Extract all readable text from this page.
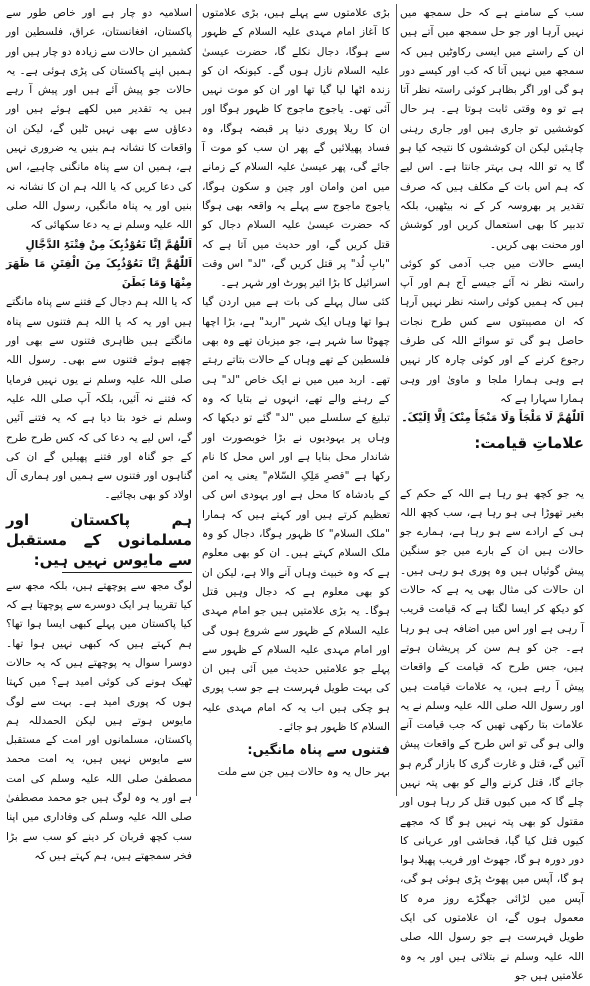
سب کے سامنے ہے کہ حل سمجھ میں نہیں آرہا اور جو حل سمجھ میں آتے ہیں ان کے راستے میں ایسی رکاوٹیں ہیں کہ سمجھ میں نہیں آتا کہ کب اور کیسے دور ہو گی اور اگر بظاہر کوئی راستہ نظر آتا ہے تو وہ وقتی ثابت ہوتا ہے۔ ہر حال کوششیں تو جاری ہیں اور جاری رہنی چاہئیں لیکن ان کوششوں کا نتیجہ کیا ہو گا یہ تو اللہ ہی بہتر جانتا ہے۔ اس لیے کہ ہم اس بات کے مکلف ہیں کہ صرف تقدیر پر بھروسہ کر کے نہ بیٹھیں، بلکہ تدبیر کا بھی استعمال کریں اور کوشش اور محنت بھی کریں۔

ایسے حالات میں جب آدمی کو کوئی راستہ نظر نہ آئے جیسے آج ہم اور آپ ہیں کہ ہمیں کوئی راستہ نظر نہیں آرہا کہ ان مصیبتوں سے کس طرح نجات حاصل ہو گی تو سوائے اللہ کی طرف رجوع کرنے کے اور کوئی چارہ کار نہیں ہے وہی ہمارا ملجا و ماویٰ اور وہی ہمارا سہارا ہے کہ

اَللّٰھُمَّ لَا مَلْجَأَ وَلَا مَنْجَأَ مِنْکَ اِلَّا اِلَیْکَ۔

علاماتِ قیامت:

یہ جو کچھ ہو رہا ہے اللہ کے حکم کے بغیر تھوڑا ہی ہو رہا ہے، سب کچھ اللہ ہی کے ارادے سے ہو رہا ہے، ہمارے جو حالات ہیں ان کے بارے میں جو سنگین پیش گوئیاں ہیں وہ پوری ہو رہی ہیں۔ ان حالات کی مثال بھی یہ ہے کہ حالات کو دیکھ کر ایسا لگتا ہے کہ قیامت قریب آ رہی ہے اور اس میں اضافہ ہی ہو رہا ہے۔ جن کو ہم سن کر پریشان ہوتے ہیں، جس طرح کہ قیامت کے واقعات پیش آ رہے ہیں، یہ علامات قیامت ہیں اور رسول اللہ صلی اللہ علیہ وسلم نے یہ علامات بتا رکھی تھیں کہ جب قیامت آنے والی ہو گی تو اس طرح کے واقعات پیش آئیں گے، قتل و غارت گری کا بازار گرم ہو جائے گا، قتل کرنے والے کو بھی پتہ نہیں چلے گا کہ میں کیوں قتل کر رہا ہوں اور مقتول کو بھی پتہ نہیں ہو گا کہ مجھے کیوں قتل کیا گیا، فحاشی اور عریانی کا دور دورہ ہو گا، جھوٹ اور فریب پھیلا ہوا ہو گا، آپس میں پھوٹ پڑی ہوئی ہو گی، آپس میں لڑائی جھگڑے روز مرہ کا معمول ہوں گے، ان علامتوں کی ایک طویل فہرست ہے جو رسول اللہ صلی اللہ علیہ وسلم نے بتلائی ہیں اور یہ وہ علامتیں ہیں جو

بڑی علامتوں سے پہلے ہیں، بڑی علامتوں کا آغاز امام مہدی علیہ السلام کے ظہور سے ہوگا، دجال نکلے گا، حضرت عیسیٰ علیہ السلام نازل ہوں گے۔ کیونکہ ان کو زندہ اٹھا لیا گیا تھا اور ان کو موت نہیں آئی تھی۔ یاجوج ماجوج کا ظہور ہوگا اور ان کا ریلا پوری دنیا پر قبضہ ہوگا، وہ فساد پھیلائیں گے پھر ان سب کو موت آ جائے گی، پھر عیسیٰ علیہ السلام کے زمانے میں امن وامان اور چین و سکون ہوگا، یاجوج ماجوج سے پہلے یہ واقعہ بھی ہوگا کہ حضرت عیسیٰ علیہ السلام دجال کو قتل کریں گے، اور حدیث میں آتا ہے کہ "بابِ لُد" پر قتل کریں گے، "لد" اس وقت اسرائیل کا بڑا ائیر پورٹ اور شہر ہے۔

کئی سال پہلے کی بات ہے میں اردن گیا ہوا تھا وہاں ایک شہر "اربد" ہے، بڑا اچھا چھوٹا سا شہر ہے، جو میزبان تھے وہ بھی فلسطین کے تھے وہاں کے حالات بتاتے رہتے تھے۔ اربد میں میں نے ایک خاص "لد" ہی کے رہنے والے تھے، انہوں نے بتایا کہ وہ تبلیغ کے سلسلے میں "لد" گئے تو دیکھا کہ وہاں پر یہودیوں نے بڑا خوبصورت اور شاندار محل بنایا ہے اور اس محل کا نام رکھا ہے "قصرِ مَلِکِ السّلام" یعنی یہ امن کے بادشاہ کا محل ہے اور یہودی اس کی تعظیم کرتے ہیں اور کہتے ہیں کہ ہمارا "ملک السلام" کا ظہور ہوگا، دجال کو وہ ملک السلام کہتے ہیں۔ ان کو بھی معلوم ہے کہ وہ خبیث وہاں آنے والا ہے، لیکن ان کو بھی معلوم ہے کہ دجال وہیں قتل ہوگا۔ یہ بڑی علامتیں ہیں جو امام مہدی علیہ السلام کے ظہور سے شروع ہوں گی اور امام مہدی علیہ السلام کے ظہور سے پہلے جو علامتیں حدیث میں آئی ہیں ان کی بہت طویل فہرست ہے جو سب پوری ہو چکی ہیں اب یہ کہ امام مہدی علیہ السلام کا ظہور ہو جائے۔

فتنوں سے پناہ مانگیں:

بہر حال یہ وہ حالات ہیں جن سے ملت

اسلامیہ دو چار ہے اور خاص طور سے پاکستان، افغانستان، عراق، فلسطین اور کشمیر ان حالات سے زیادہ دو چار ہیں اور ہمیں اپنے پاکستان کی پڑی ہوئی ہے۔ یہ حالات جو پیش آئے ہیں اور پیش آ رہے ہیں یہ تقدیر میں لکھے ہوئے ہیں اور دعاؤں سے بھی نہیں ٹلیں گے، لیکن ان واقعات کا نشانہ ہم بنیں یہ ضروری نہیں ہے، ہمیں ان سے پناہ مانگنی چاہیے، اس کی دعا کریں کہ یا اللہ ہم ان کا نشانہ نہ بنیں اور یہ پناہ مانگیں، رسول اللہ صلی اللہ علیہ وسلم نے یہ دعا سکھائی کہ

اَللّٰھُمَّ اِنَّا نَعُوْذُبِکَ مِنْ فِتْنَۃِ الدَّجَّالِ

اَللّٰھُمَّ اِنَّا نَعُوْذُبِکَ مِنَ الْفِتَنِ مَا ظَھَرَ مِنْھَا وَمَا بَطَنَ

کہ یا اللہ ہم دجال کے فتنے سے پناہ مانگتے ہیں اور یہ کہ یا اللہ ہم فتنوں سے پناہ مانگتے ہیں ظاہری فتنوں سے بھی اور چھپے ہوئے فتنوں سے بھی۔ رسول اللہ صلی اللہ علیہ وسلم نے یوں نہیں فرمایا کہ فتنے نہ آئیں، بلکہ آپ صلی اللہ علیہ وسلم نے خود بتا دیا ہے کہ یہ فتنے آئیں گے، اس لیے یہ دعا کی کہ کس طرح طرح کے جو گناہ اور فتنے پھیلیں گے ان کی گناہوں اور فتنوں سے ہمیں اور ہماری آل اولاد کو بھی بچائیے۔

ہم پاکستان اور مسلمانوں کے مستقبل سے مایوس نہیں ہیں:

لوگ مجھ سے پوچھتے ہیں، بلکہ مجھ سے کیا تقریبا ہر ایک دوسرے سے پوچھتا ہے کہ کیا پاکستان میں پہلے کبھی ایسا ہوا تھا؟ ہم کہتے ہیں کہ کبھی نہیں ہوا تھا۔ دوسرا سوال یہ پوچھتے ہیں کہ یہ حالات ٹھیک ہونے کی کوئی امید ہے؟ میں کہتا ہوں کہ پوری امید ہے۔ بہت سے لوگ مایوس ہوتے ہیں لیکن الحمدللہ ہم پاکستان، مسلمانوں اور امت کے مستقبل سے مایوس نہیں ہیں، یہ امت محمد مصطفیٰ صلی اللہ علیہ وسلم کی امت ہے اور یہ وہ لوگ ہیں جو محمد مصطفیٰ صلی اللہ علیہ وسلم کی وفاداری میں اپنا سب کچھ قربان کر دینے کو سب سے بڑا فخر سمجھتے ہیں، ہم کہتے ہیں کہ
